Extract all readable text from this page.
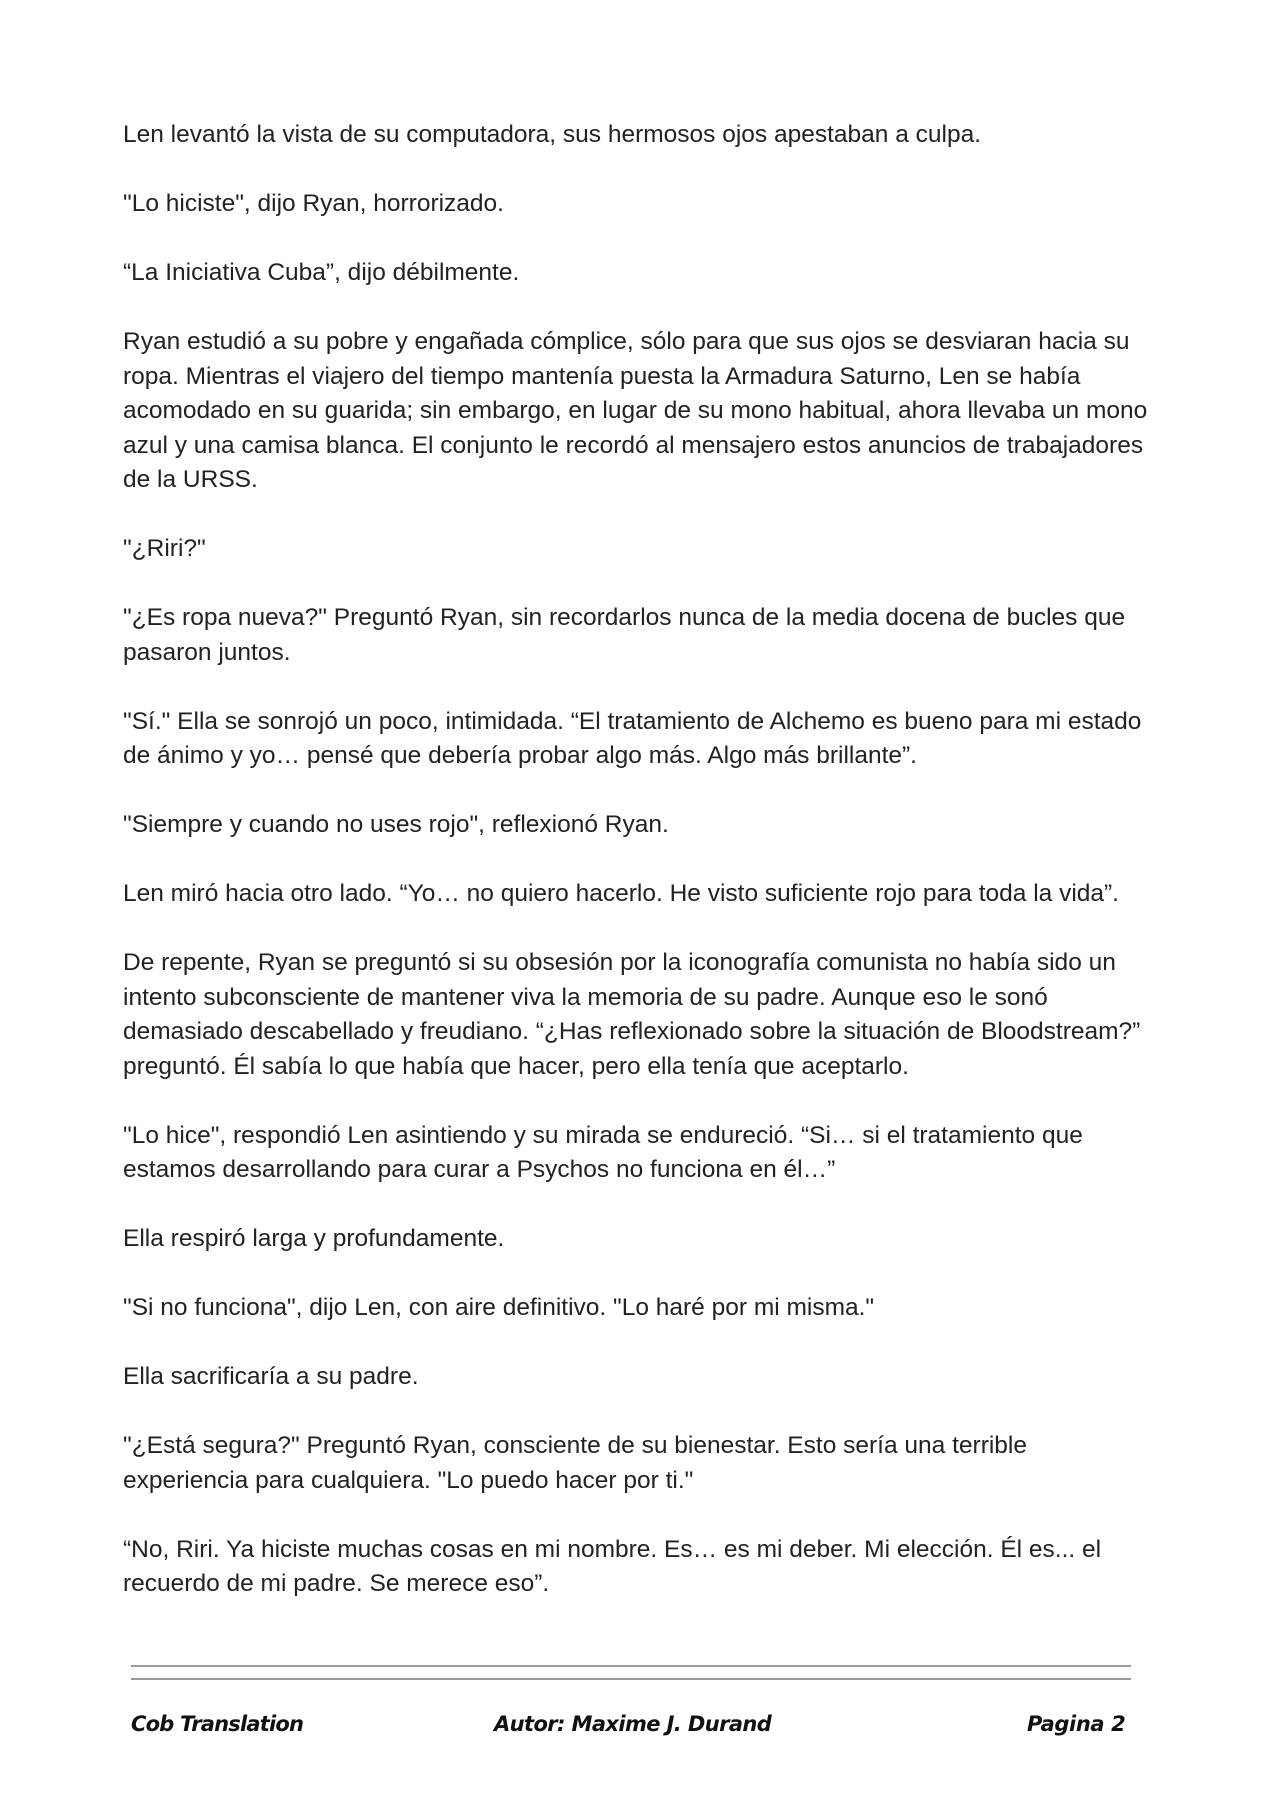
Len levantó la vista de su computadora, sus hermosos ojos apestaban a culpa.

"Lo hiciste", dijo Ryan, horrorizado.

“La Iniciativa Cuba”, dijo débilmente.

Ryan estudió a su pobre y engañada cómplice, sólo para que sus ojos se desviaran hacia su ropa. Mientras el viajero del tiempo mantenía puesta la Armadura Saturno, Len se había acomodado en su guarida; sin embargo, en lugar de su mono habitual, ahora llevaba un mono azul y una camisa blanca. El conjunto le recordó al mensajero estos anuncios de trabajadores de la URSS.

"¿Riri?"

"¿Es ropa nueva?" Preguntó Ryan, sin recordarlos nunca de la media docena de bucles que pasaron juntos.

"Sí." Ella se sonrojó un poco, intimidada. “El tratamiento de Alchemo es bueno para mi estado de ánimo y yo… pensé que debería probar algo más. Algo más brillante”.

"Siempre y cuando no uses rojo", reflexionó Ryan.

Len miró hacia otro lado. “Yo… no quiero hacerlo. He visto suficiente rojo para toda la vida”.

De repente, Ryan se preguntó si su obsesión por la iconografía comunista no había sido un intento subconsciente de mantener viva la memoria de su padre. Aunque eso le sonó demasiado descabellado y freudiano. “¿Has reflexionado sobre la situación de Bloodstream?” preguntó. Él sabía lo que había que hacer, pero ella tenía que aceptarlo.

"Lo hice", respondió Len asintiendo y su mirada se endureció. “Si… si el tratamiento que estamos desarrollando para curar a Psychos no funciona en él…”

Ella respiró larga y profundamente.

"Si no funciona", dijo Len, con aire definitivo. "Lo haré por mi misma."

Ella sacrificaría a su padre.

"¿Está segura?" Preguntó Ryan, consciente de su bienestar. Esto sería una terrible experiencia para cualquiera. "Lo puedo hacer por ti."

“No, Riri. Ya hiciste muchas cosas en mi nombre. Es… es mi deber. Mi elección. Él es... el recuerdo de mi padre. Se merece eso”.

Cob Translation	Autor: Maxime J. Durand	Pagina 2
